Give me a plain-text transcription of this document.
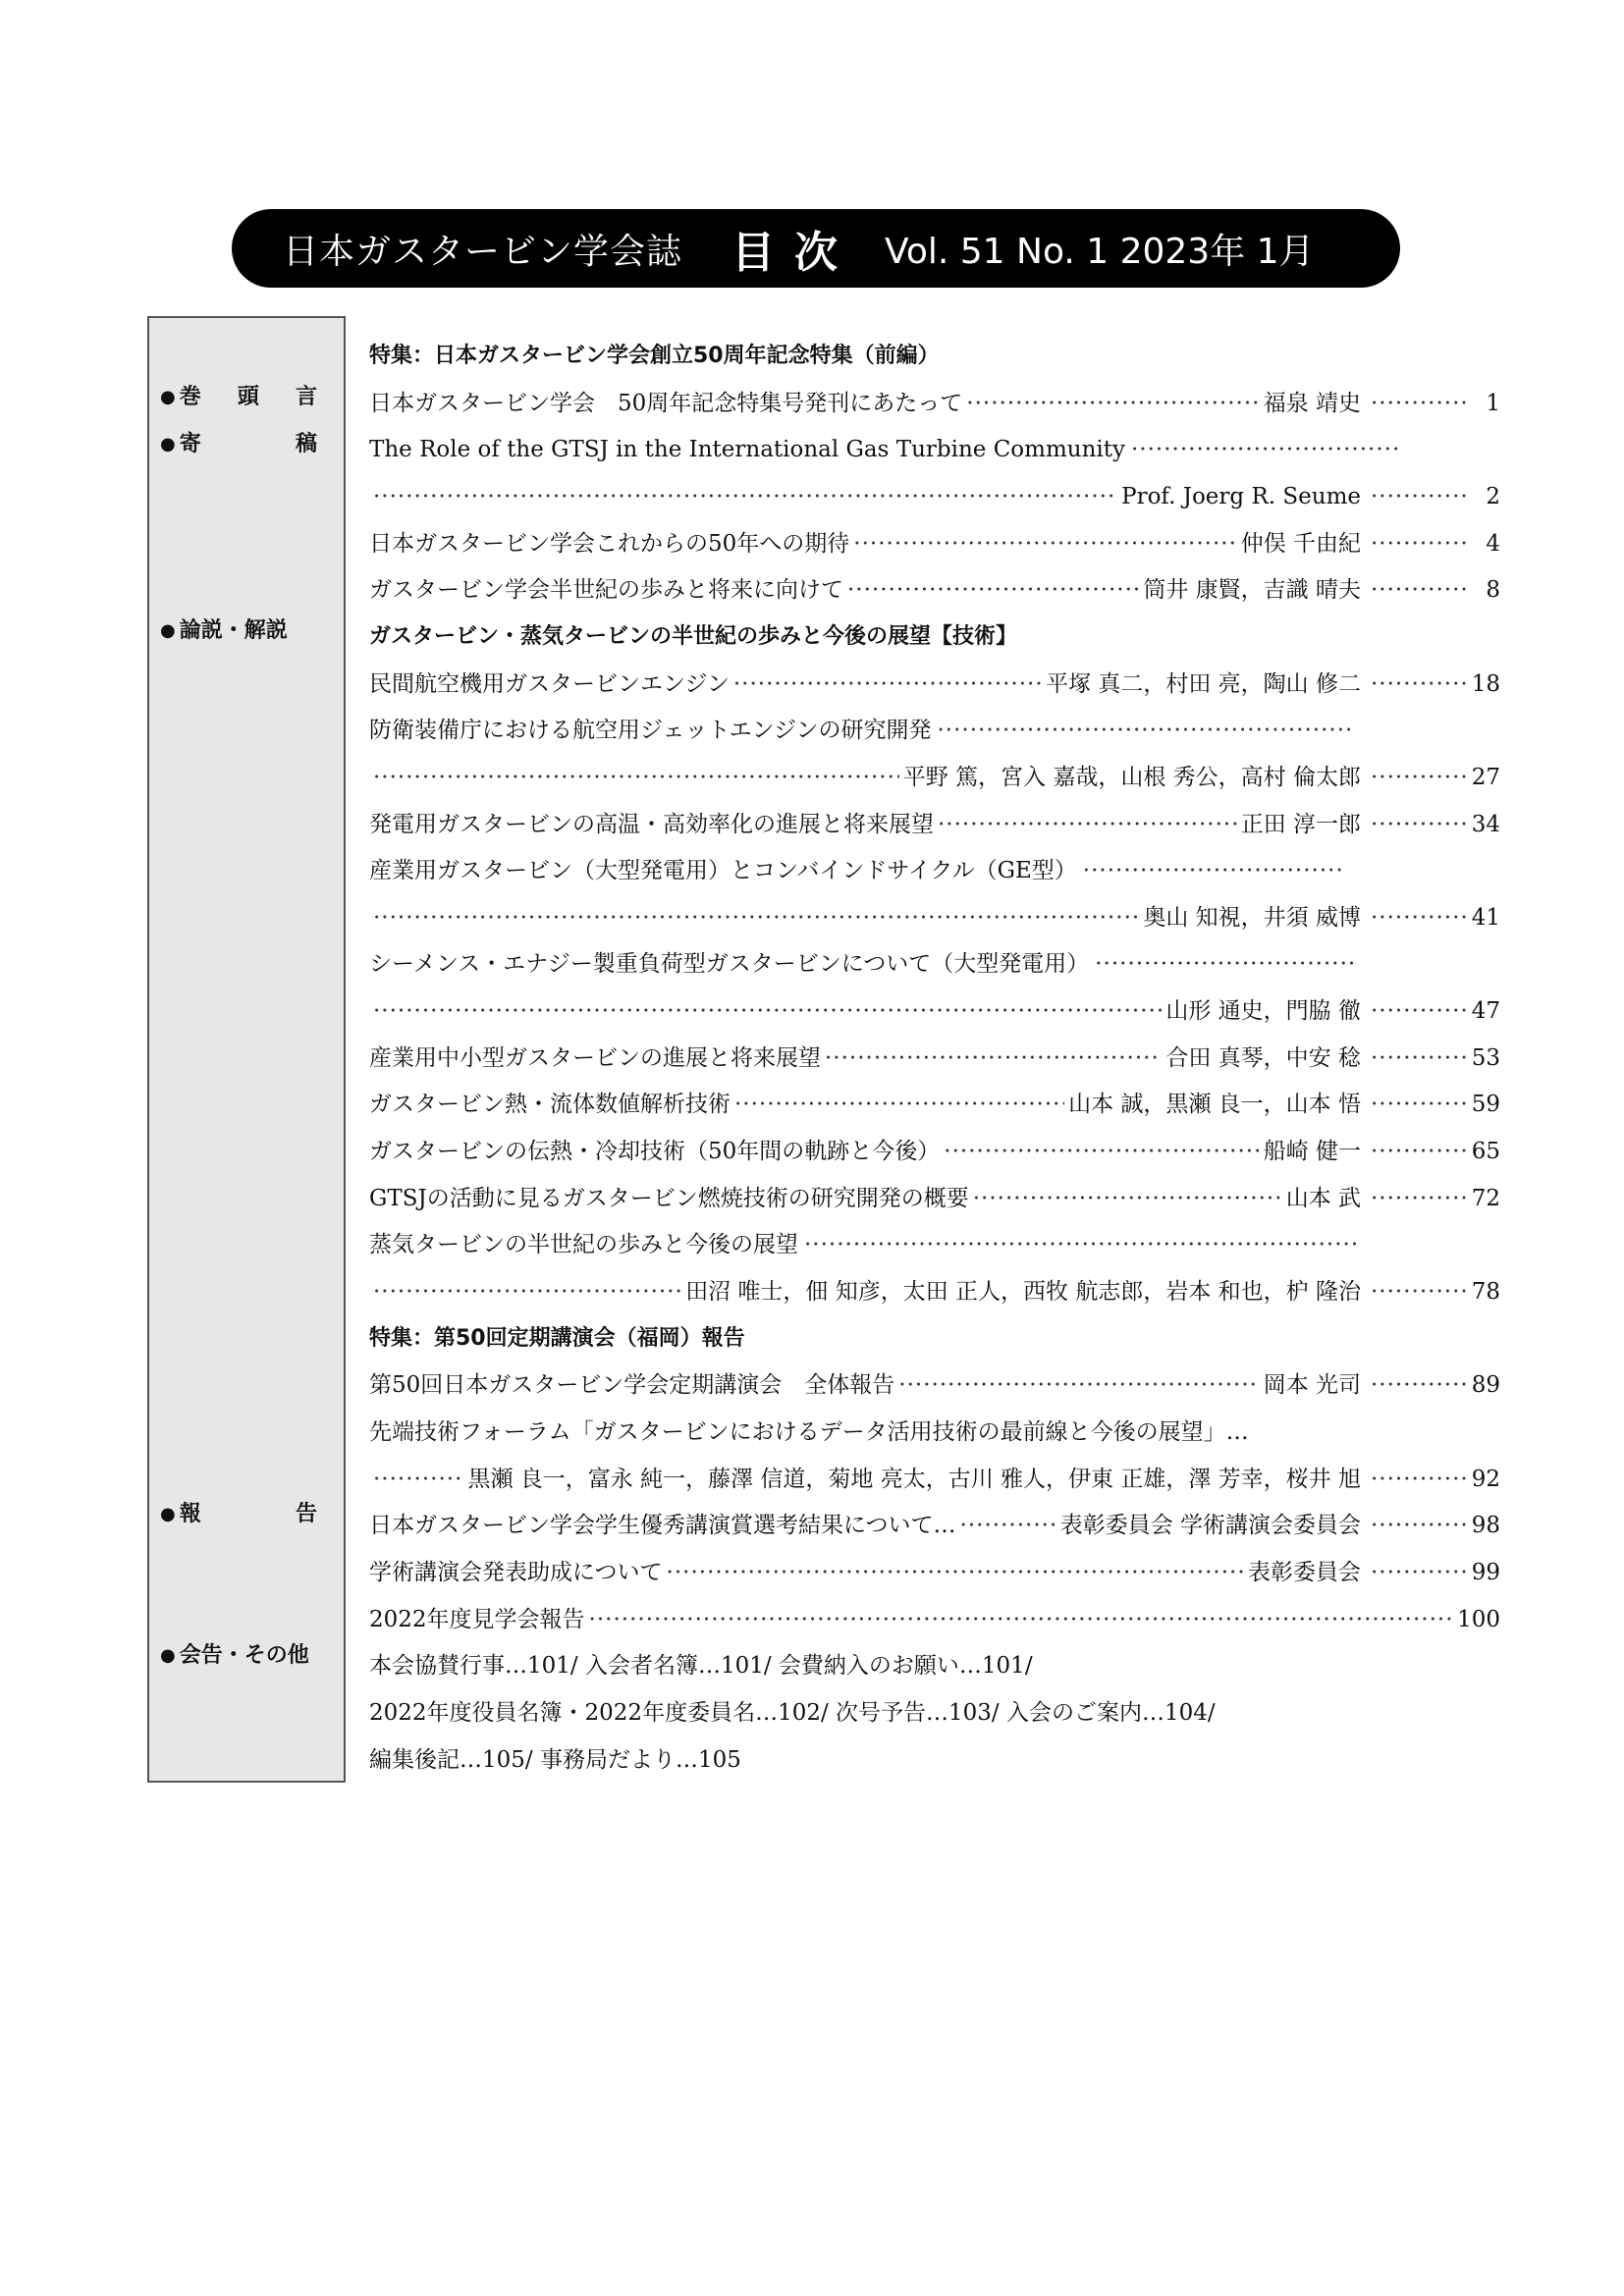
日本ガスタービン学会誌 目次 Vol. 51 No. 1 2023年 1月
● 巻 頭 言
● 寄	稿
● 論説・解説
● 報	告
● 会告・その他
特集：日本ガスタービン学会創立50周年記念特集（前編）
日本ガスタービン学会　50周年記念特集号発刊にあたって ·····	福泉 靖史 ·····	1
The Role of the GTSJ in the International Gas Turbine Community
·····
·····
Prof. Joerg R. Seume ·····	2
日本ガスタービン学会これからの50年への期待 ·····	仲俣 千由紀 ·····	4
ガスタービン学会半世紀の歩みと将来に向けて ·····	筒井 康賢，吉識 晴夫 ·····	8
ガスタービン・蒸気タービンの半世紀の歩みと今後の展望【技術】
民間航空機用ガスタービンエンジン ·····	平塚 真二，村田 亮，陶山 修二 ·····	18
防衛装備庁における航空用ジェットエンジンの研究開発
·····
·····
平野 篤，宮入 嘉哉，山根 秀公，高村 倫太郎 ·····	27
発電用ガスタービンの高温・高効率化の進展と将来展望 ·····	正田 淳一郎 ·····	34
産業用ガスタービン（大型発電用）とコンバインドサイクル（GE型）
·····
·····
奥山 知視，井須 威博 ·····	41
シーメンス・エナジー製重負荷型ガスタービンについて（大型発電用）
·····
·····
山形 通史，門脇 徹 ·····	47
産業用中小型ガスタービンの進展と将来展望 ·····	合田 真琴，中安 稔 ·····	53
ガスタービン熱・流体数値解析技術 ·····	山本 誠，黒瀬 良一，山本 悟 ·····	59
ガスタービンの伝熱・冷却技術（50年間の軌跡と今後） ·····	船崎 健一 ·····	65
GTSJの活動に見るガスタービン燃焼技術の研究開発の概要 ·····	山本 武 ·····	72
蒸気タービンの半世紀の歩みと今後の展望
·····
·····
田沼 唯士，佃 知彦，太田 正人，西牧 航志郎，岩本 和也，枦 隆治 ·····	78
特集：第50回定期講演会（福岡）報告
第50回日本ガスタービン学会定期講演会　全体報告 ·····	岡本 光司 ·····	89
先端技術フォーラム「ガスタービンにおけるデータ活用技術の最前線と今後の展望」…
·····
黒瀬 良一，富永 純一，藤澤 信道，菊地 亮太，古川 雅人，伊東 正雄，澤 芳幸，桜井 旭 ·····	92
日本ガスタービン学会学生優秀講演賞選考結果について… ·····	表彰委員会 学術講演会委員会 ·····	98
学術講演会発表助成について ·····	表彰委員会 ·····	99
2022年度見学会報告 ·····	100
本会協賛行事…101/ 入会者名簿…101/ 会費納入のお願い…101/
2022年度役員名簿・2022年度委員名…102/ 次号予告…103/ 入会のご案内…104/
編集後記…105/ 事務局だより…105
